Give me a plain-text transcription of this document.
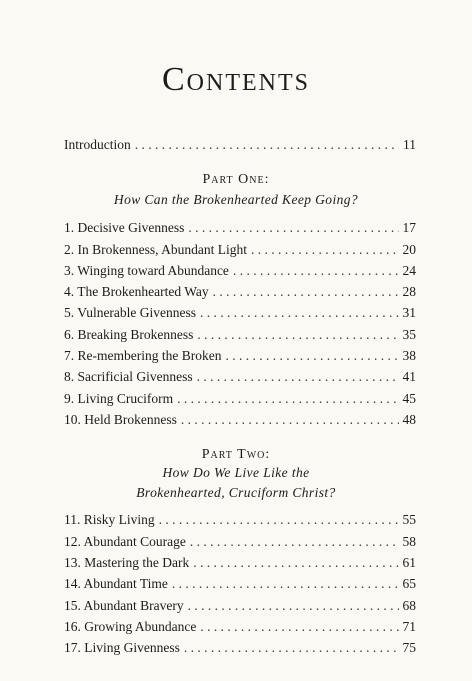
Contents
Introduction . . .	11
Part One:
How Can the Brokenhearted Keep Going?
1. Decisive Givenness . . .	17
2. In Brokenness, Abundant Light . . .	20
3. Winging toward Abundance . . .	24
4. The Brokenhearted Way . . .	28
5. Vulnerable Givenness . . .	31
6. Breaking Brokenness . . .	35
7. Re-membering the Broken . . .	38
8. Sacrificial Givenness . . .	41
9. Living Cruciform . . .	45
10. Held Brokenness . . .	48
Part Two:
How Do We Live Like the
Brokenhearted, Cruciform Christ?
11. Risky Living . . .	55
12. Abundant Courage . . .	58
13. Mastering the Dark . . .	61
14. Abundant Time . . .	65
15. Abundant Bravery . . .	68
16. Growing Abundance . . .	71
17. Living Givenness . . .	75
